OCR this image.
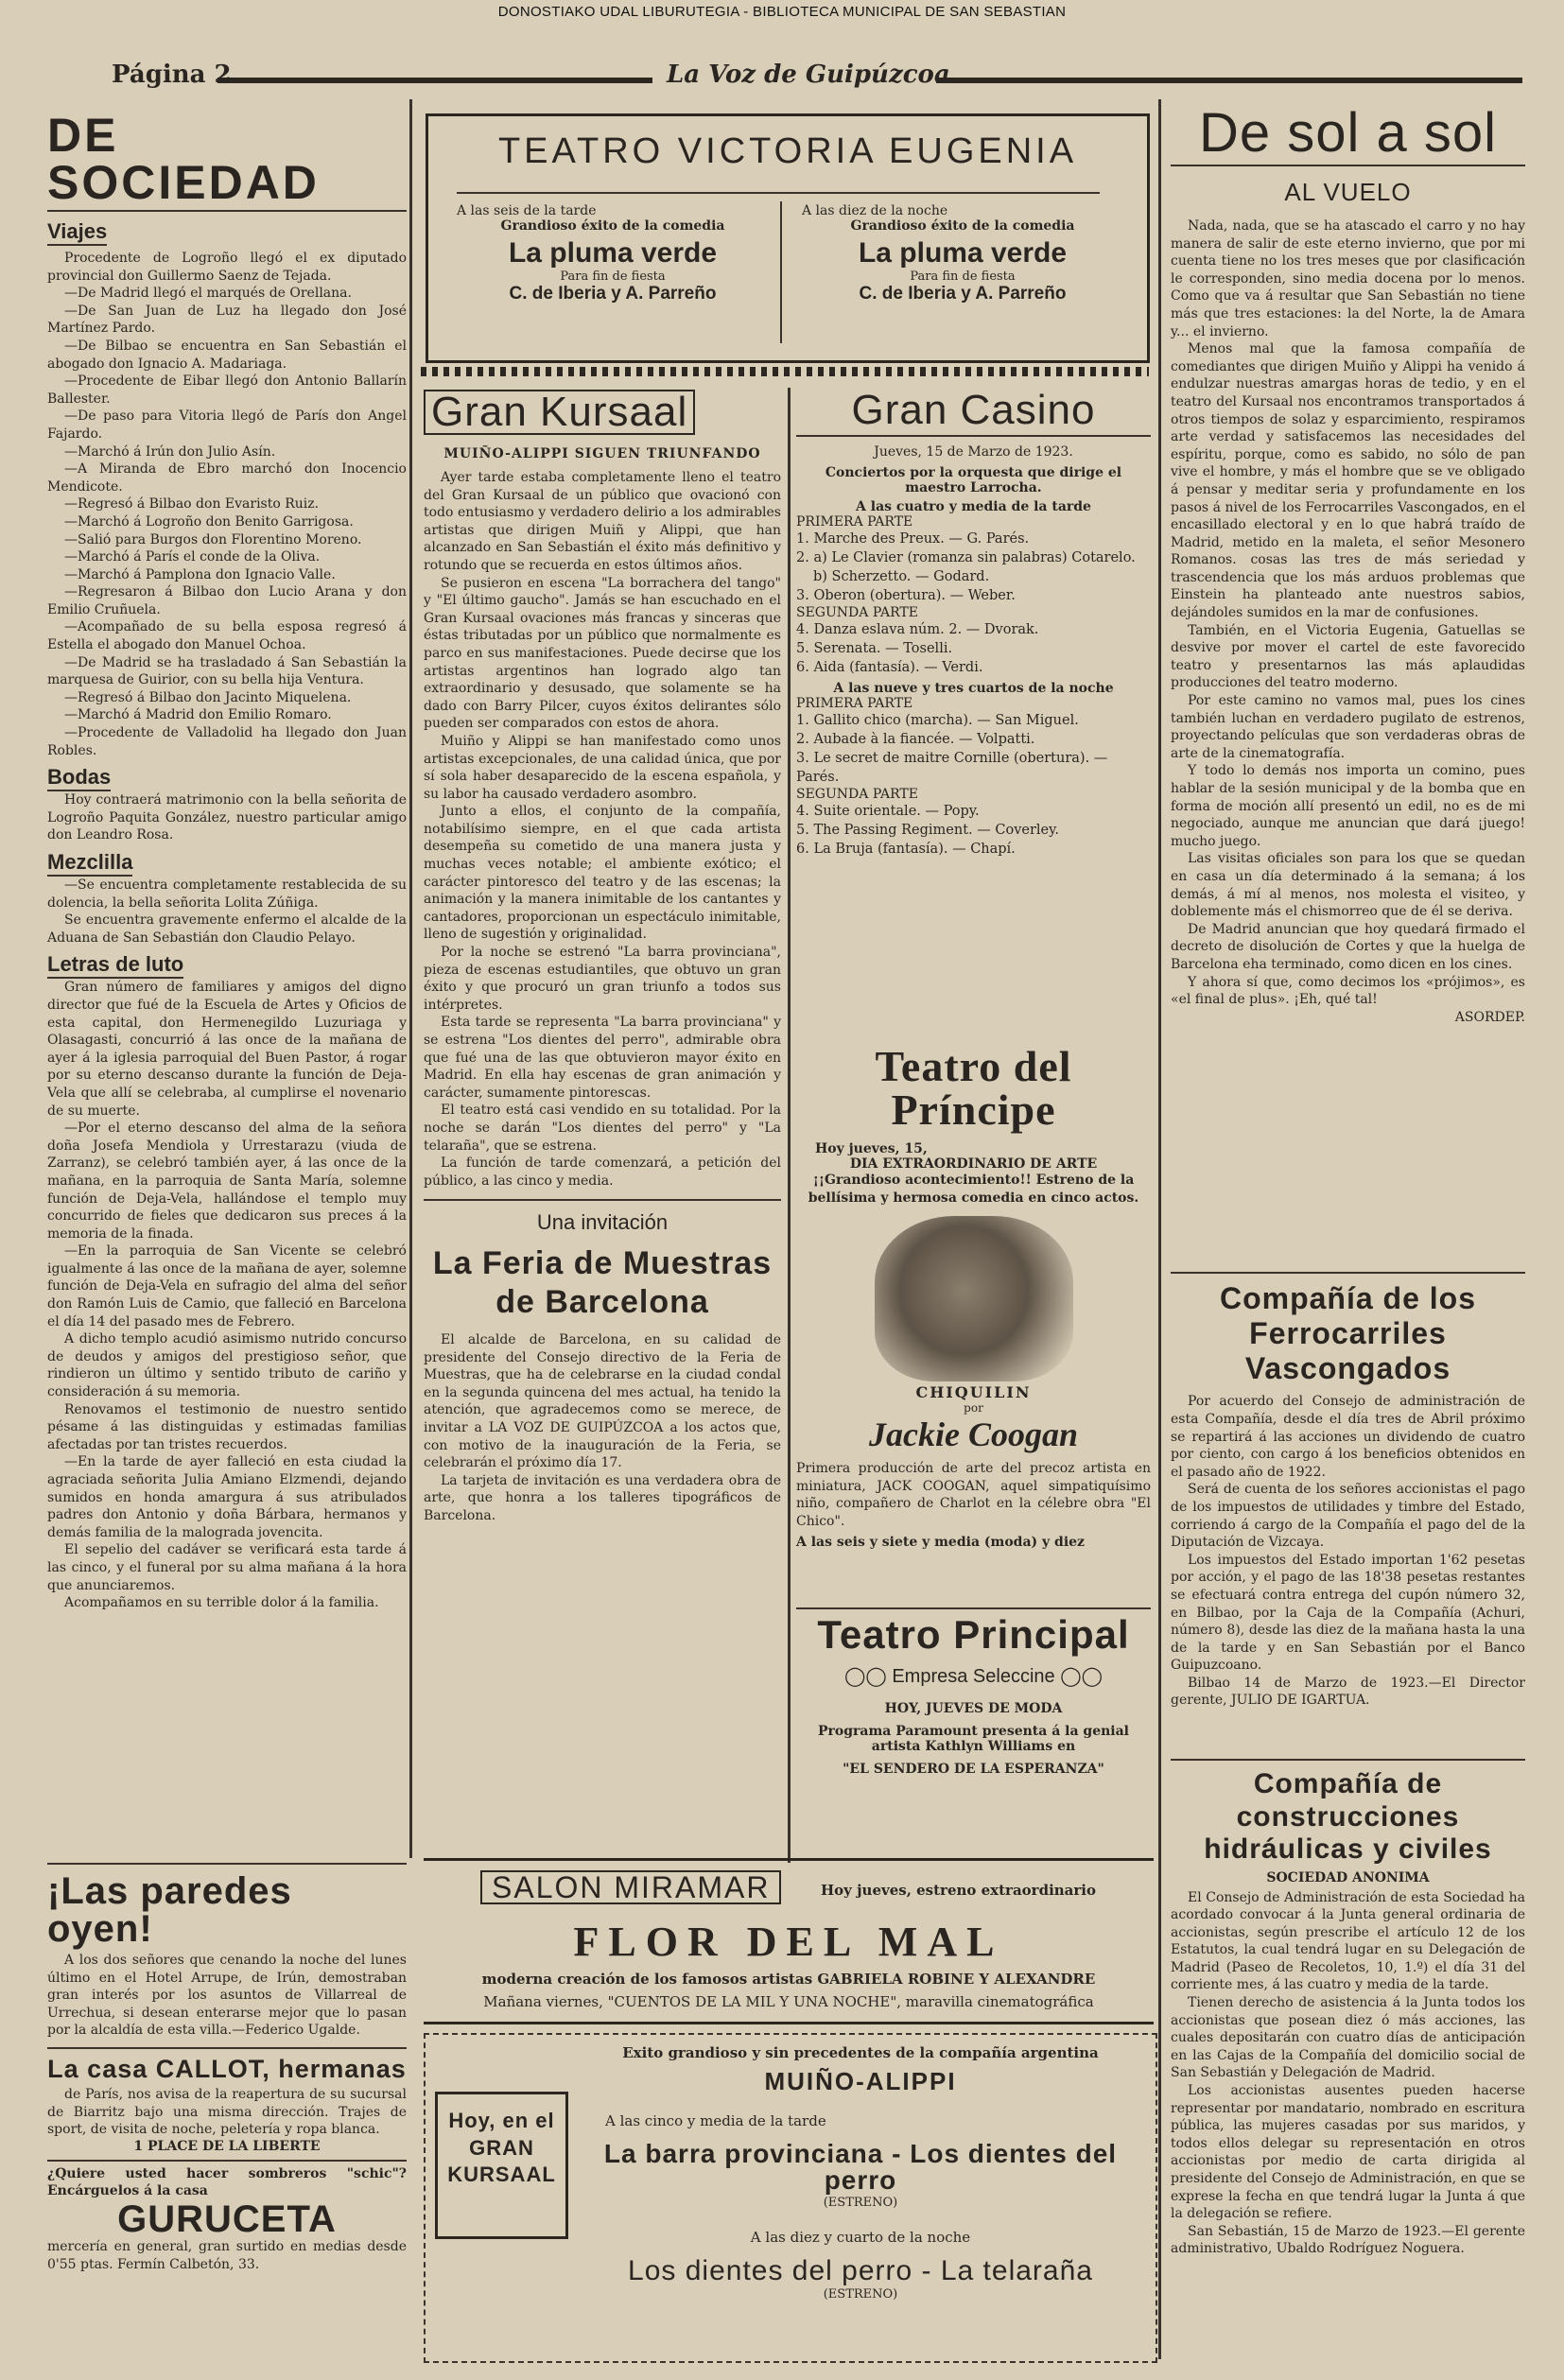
DONOSTIAKO UDAL LIBURUTEGIA - BIBLIOTECA MUNICIPAL DE SAN SEBASTIAN
Página 2	La Voz de Guipúzcoa
DE SOCIEDAD
Viajes

Procedente de Logroño llegó el ex diputado provincial don Guillermo Saenz de Tejada.

—De Madrid llegó el marqués de Orellana.

—De San Juan de Luz ha llegado don José Martínez Pardo.

—De Bilbao se encuentra en San Sebastián el abogado don Ignacio A. Madariaga.

—Procedente de Eibar llegó don Antonio Ballarín Ballester.

—De paso para Vitoria llegó de París don Angel Fajardo.

—Marchó á Irún don Julio Asín.

—A Miranda de Ebro marchó don Inocencio Mendicote.

—Regresó á Bilbao don Evaristo Ruiz.

—Marchó á Logroño don Benito Garrigosa.

—Salió para Burgos don Florentino Moreno.

—Marchó á París el conde de la Oliva.

—Marchó á Pamplona don Ignacio Valle.

—Regresaron á Bilbao don Lucio Arana y don Emilio Cruñuela.

—Acompañado de su bella esposa regresó á Estella el abogado don Manuel Ochoa.

—De Madrid se ha trasladado á San Sebastián la marquesa de Guirior, con su bella hija Ventura.

—Regresó á Bilbao don Jacinto Miquelena.

—Marchó á Madrid don Emilio Romaro.

—Procedente de Valladolid ha llegado don Juan Robles.

Bodas

Hoy contraerá matrimonio con la bella señorita de Logroño Paquita González, nuestro particular amigo don Leandro Rosa.

Mezclilla

—Se encuentra completamente restablecida de su dolencia, la bella señorita Lolita Zúñiga.

Se encuentra gravemente enfermo el alcalde de la Aduana de San Sebastián don Claudio Pelayo.

Letras de luto

Gran número de familiares y amigos del digno director que fué de la Escuela de Artes y Oficios de esta capital, don Hermenegildo Luzuriaga y Olasagasti, concurrió á las once de la mañana de ayer á la iglesia parroquial del Buen Pastor, á rogar por su eterno descanso durante la función de Deja-Vela que allí se celebraba, al cumplirse el novenario de su muerte.

—Por el eterno descanso del alma de la señora doña Josefa Mendiola y Urrestarazu (viuda de Zarranz), se celebró también ayer, á las once de la mañana, en la parroquia de Santa María, solemne función de Deja-Vela, hallándose el templo muy concurrido de fieles que dedicaron sus preces á la memoria de la finada.

—En la parroquia de San Vicente se celebró igualmente á las once de la mañana de ayer, solemne función de Deja-Vela en sufragio del alma del señor don Ramón Luis de Camio, que falleció en Barcelona el día 14 del pasado mes de Febrero.

A dicho templo acudió asimismo nutrido concurso de deudos y amigos del prestigioso señor, que rindieron un último y sentido tributo de cariño y consideración á su memoria.

Renovamos el testimonio de nuestro sentido pésame á las distinguidas y estimadas familias afectadas por tan tristes recuerdos.

—En la tarde de ayer falleció en esta ciudad la agraciada señorita Julia Amiano Elzmendi, dejando sumidos en honda amargura á sus atribulados padres don Antonio y doña Bárbara, hermanos y demás familia de la malograda jovencita.

El sepelio del cadáver se verificará esta tarde á las cinco, y el funeral por su alma mañana á la hora que anunciaremos.

Acompañamos en su terrible dolor á la familia.

¡Las paredes oyen!

A los dos señores que cenando la noche del lunes último en el Hotel Arrupe, de Irún, demostraban gran interés por los asuntos de Villarreal de Urrechua, si desean enterarse mejor que lo pasan por la alcaldía de esta villa.—Federico Ugalde.

La casa CALLOT, hermanas

de París, nos avisa de la reapertura de su sucursal de Biarritz bajo una misma dirección. Trajes de sport, de visita de noche, peletería y ropa blanca.

1 PLACE DE LA LIBERTE
¿Quiere usted hacer sombreros "schic"? Encárguelos á la casa
GURUCETA
mercería en general, gran surtido en medias desde 0'55 ptas. Fermín Calbetón, 33.
TEATRO VICTORIA EUGENIA
A las seis de la tarde
Grandioso éxito de la comedia
La pluma verde
Para fin de fiesta
C. de Iberia y A. Parreño
A las diez de la noche
Grandioso éxito de la comedia
La pluma verde
Para fin de fiesta
C. de Iberia y A. Parreño
Gran Kursaal
MUIÑO-ALIPPI SIGUEN TRIUNFANDO

Ayer tarde estaba completamente lleno el teatro del Gran Kursaal de un público que ovacionó con todo entusiasmo y verdadero delirio a los admirables artistas que dirigen Muiñ y Alippi, que han alcanzado en San Sebastián el éxito más definitivo y rotundo que se recuerda en estos últimos años.

Se pusieron en escena "La borrachera del tango" y "El último gaucho". Jamás se han escuchado en el Gran Kursaal ovaciones más francas y sinceras que éstas tributadas por un público que normalmente es parco en sus manifestaciones. Puede decirse que los artistas argentinos han logrado algo tan extraordinario y desusado, que solamente se ha dado con Barry Pilcer, cuyos éxitos delirantes sólo pueden ser comparados con estos de ahora.

Muiño y Alippi se han manifestado como unos artistas excepcionales, de una calidad única, que por sí sola haber desaparecido de la escena española, y su labor ha causado verdadero asombro.

Junto a ellos, el conjunto de la compañía, notabilísimo siempre, en el que cada artista desempeña su cometido de una manera justa y muchas veces notable; el ambiente exótico; el carácter pintoresco del teatro y de las escenas; la animación y la manera inimitable de los cantantes y cantadores, proporcionan un espectáculo inimitable, lleno de sugestión y originalidad.

Por la noche se estrenó "La barra provinciana", pieza de escenas estudiantiles, que obtuvo un gran éxito y que procuró un gran triunfo a todos sus intérpretes.

Esta tarde se representa "La barra provinciana" y se estrena "Los dientes del perro", admirable obra que fué una de las que obtuvieron mayor éxito en Madrid. En ella hay escenas de gran animación y carácter, sumamente pintorescas.

El teatro está casi vendido en su totalidad. Por la noche se darán "Los dientes del perro" y "La telaraña", que se estrena.

La función de tarde comenzará, a petición del público, a las cinco y media.

Una invitación
La Feria de Muestras de Barcelona

El alcalde de Barcelona, en su calidad de presidente del Consejo directivo de la Feria de Muestras, que ha de celebrarse en la ciudad condal en la segunda quincena del mes actual, ha tenido la atención, que agradecemos como se merece, de invitar a LA VOZ DE GUIPÚZCOA a los actos que, con motivo de la inauguración de la Feria, se celebrarán el próximo día 17.

La tarjeta de invitación es una verdadera obra de arte, que honra a los talleres tipográficos de Barcelona.

Gran Casino
Jueves, 15 de Marzo de 1923.
Conciertos por la orquesta que dirige el maestro Larrocha.
A las cuatro y media de la tarde
PRIMERA PARTE
1. Marche des Preux. — G. Parés.
2. a) Le Clavier (romanza sin palabras) Cotarelo.
b) Scherzetto. — Godard.
3. Oberon (obertura). — Weber.
SEGUNDA PARTE
4. Danza eslava núm. 2. — Dvorak.
5. Serenata. — Toselli.
6. Aida (fantasía). — Verdi.
A las nueve y tres cuartos de la noche
PRIMERA PARTE
1. Gallito chico (marcha). — San Miguel.
2. Aubade à la fiancée. — Volpatti.
3. Le secret de maitre Cornille (obertura). — Parés.
SEGUNDA PARTE
4. Suite orientale. — Popy.
5. The Passing Regiment. — Coverley.
6. La Bruja (fantasía). — Chapí.
Teatro del Príncipe
Hoy jueves, 15,
DIA EXTRAORDINARIO DE ARTE
¡¡Grandioso acontecimiento!! Estreno de la bellísima y hermosa comedia en cinco actos.
CHIQUILIN
por
Jackie Coogan
Primera producción de arte del precoz artista en miniatura, JACK COOGAN, aquel simpatiquísimo niño, compañero de Charlot en la célebre obra "El Chico".
A las seis y siete y media (moda) y diez
Teatro Principal
◯◯ Empresa Seleccine ◯◯
HOY, JUEVES DE MODA
Programa Paramount presenta á la genial artista Kathlyn Williams en
"EL SENDERO DE LA ESPERANZA"
SALON MIRAMAR	Hoy jueves, estreno extraordinario
FLOR DEL MAL
moderna creación de los famosos artistas GABRIELA ROBINE Y ALEXANDRE
Mañana viernes, "CUENTOS DE LA MIL Y UNA NOCHE", maravilla cinematográfica
Hoy, en el GRAN KURSAAL
Exito grandioso y sin precedentes de la compañía argentina
MUIÑO-ALIPPI
A las cinco y media de la tarde
La barra provinciana - Los dientes del perro
(ESTRENO)
A las diez y cuarto de la noche
Los dientes del perro - La telaraña
(ESTRENO)
De sol a sol
AL VUELO

Nada, nada, que se ha atascado el carro y no hay manera de salir de este eterno invierno, que por mi cuenta tiene no los tres meses que por clasificación le corresponden, sino media docena por lo menos. Como que va á resultar que San Sebastián no tiene más que tres estaciones: la del Norte, la de Amara y... el invierno.

Menos mal que la famosa compañía de comediantes que dirigen Muiño y Alippi ha venido á endulzar nuestras amargas horas de tedio, y en el teatro del Kursaal nos encontramos transportados á otros tiempos de solaz y esparcimiento, respiramos arte verdad y satisfacemos las necesidades del espíritu, porque, como es sabido, no sólo de pan vive el hombre, y más el hombre que se ve obligado á pensar y meditar seria y profundamente en los pasos á nivel de los Ferrocarriles Vascongados, en el encasillado electoral y en lo que habrá traído de Madrid, metido en la maleta, el señor Mesonero Romanos. cosas las tres de más seriedad y trascendencia que los más arduos problemas que Einstein ha planteado ante nuestros sabios, dejándoles sumidos en la mar de confusiones.

También, en el Victoria Eugenia, Gatuellas se desvive por mover el cartel de este favorecido teatro y presentarnos las más aplaudidas producciones del teatro moderno.

Por este camino no vamos mal, pues los cines también luchan en verdadero pugilato de estrenos, proyectando películas que son verdaderas obras de arte de la cinematografía.

Y todo lo demás nos importa un comino, pues hablar de la sesión municipal y de la bomba que en forma de moción allí presentó un edil, no es de mi negociado, aunque me anuncian que dará ¡juego! mucho juego.

Las visitas oficiales son para los que se quedan en casa un día determinado á la semana; á los demás, á mí al menos, nos molesta el visiteo, y doblemente más el chismorreo que de él se deriva.

De Madrid anuncian que hoy quedará firmado el decreto de disolución de Cortes y que la huelga de Barcelona eha terminado, como dicen en los cines.

Y ahora sí que, como decimos los «prójimos», es «el final de plus». ¡Eh, qué tal!

ASORDEP.

Compañía de los Ferrocarriles Vascongados

Por acuerdo del Consejo de administración de esta Compañía, desde el día tres de Abril próximo se repartirá á las acciones un dividendo de cuatro por ciento, con cargo á los beneficios obtenidos en el pasado año de 1922.

Será de cuenta de los señores accionistas el pago de los impuestos de utilidades y timbre del Estado, corriendo á cargo de la Compañía el pago del de la Diputación de Vizcaya.

Los impuestos del Estado importan 1'62 pesetas por acción, y el pago de las 18'38 pesetas restantes se efectuará contra entrega del cupón número 32, en Bilbao, por la Caja de la Compañía (Achuri, número 8), desde las diez de la mañana hasta la una de la tarde y en San Sebastián por el Banco Guipuzcoano.

Bilbao 14 de Marzo de 1923.—El Director gerente, JULIO DE IGARTUA.

Compañía de construcciones hidráulicas y civiles
SOCIEDAD ANONIMA

El Consejo de Administración de esta Sociedad ha acordado convocar á la Junta general ordinaria de accionistas, según prescribe el artículo 12 de los Estatutos, la cual tendrá lugar en su Delegación de Madrid (Paseo de Recoletos, 10, 1.º) el día 31 del corriente mes, á las cuatro y media de la tarde.

Tienen derecho de asistencia á la Junta todos los accionistas que posean diez ó más acciones, las cuales depositarán con cuatro días de anticipación en las Cajas de la Compañía del domicilio social de San Sebastián y Delegación de Madrid.

Los accionistas ausentes pueden hacerse representar por mandatario, nombrado en escritura pública, las mujeres casadas por sus maridos, y todos ellos delegar su representación en otros accionistas por medio de carta dirigida al presidente del Consejo de Administración, en que se exprese la fecha en que tendrá lugar la Junta á que la delegación se refiere.

San Sebastián, 15 de Marzo de 1923.—El gerente administrativo, Ubaldo Rodríguez Noguera.
